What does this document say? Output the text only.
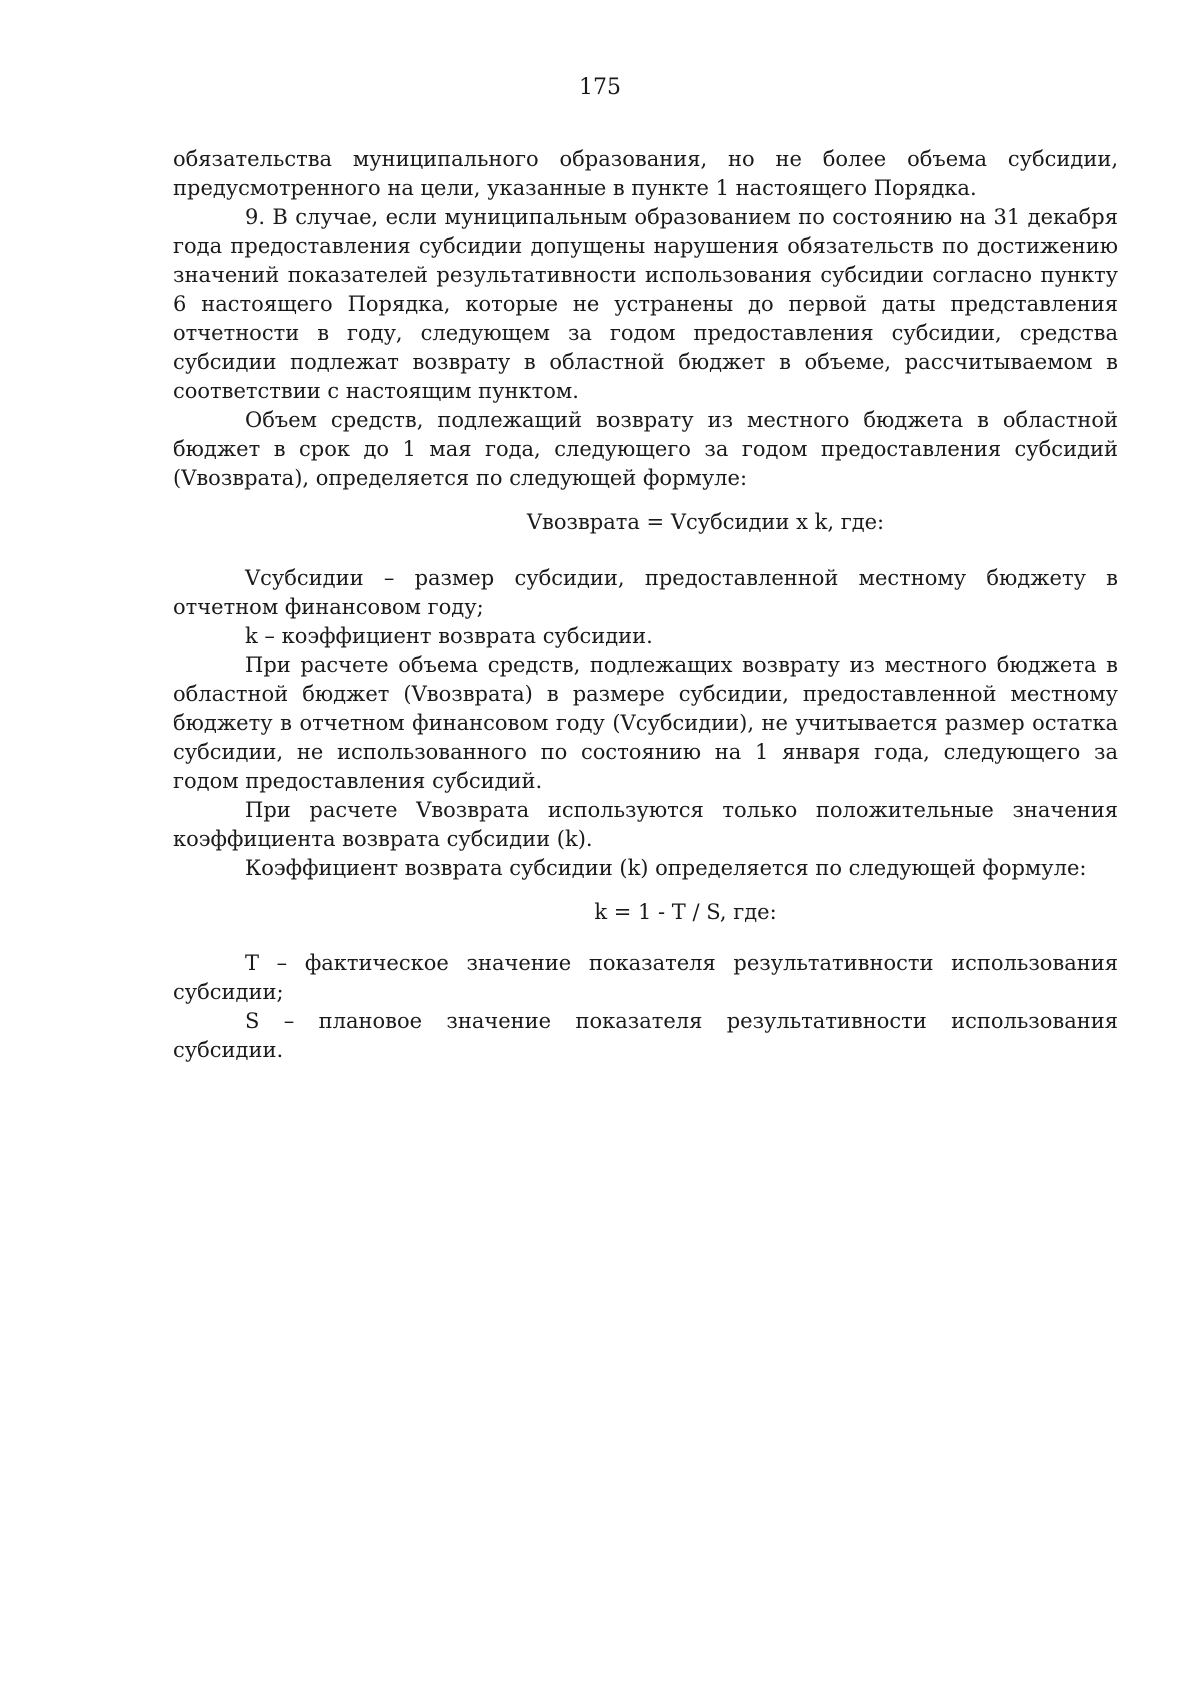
175

обязательства муниципального образования, но не более объема субсидии, предусмотренного на цели, указанные в пункте 1 настоящего Порядка.

9. В случае, если муниципальным образованием по состоянию на 31 декабря года предоставления субсидии допущены нарушения обязательств по достижению значений показателей результативности использования субсидии согласно пункту 6 настоящего Порядка, которые не устранены до первой даты представления отчетности в году, следующем за годом предоставления субсидии, средства субсидии подлежат возврату в областной бюджет в объеме, рассчитываемом в соответствии с настоящим пунктом.

Объем средств, подлежащий возврату из местного бюджета в областной бюджет в срок до 1 мая года, следующего за годом предоставления субсидий (Vвозврата), определяется по следующей формуле:

Vвозврата = Vсубсидии x k, где:

Vсубсидии – размер субсидии, предоставленной местному бюджету в отчетном финансовом году;

k – коэффициент возврата субсидии.

При расчете объема средств, подлежащих возврату из местного бюджета в областной бюджет (Vвозврата) в размере субсидии, предоставленной местному бюджету в отчетном финансовом году (Vсубсидии), не учитывается размер остатка субсидии, не использованного по состоянию на 1 января года, следующего за годом предоставления субсидий.

При расчете Vвозврата используются только положительные значения коэффициента возврата субсидии (k).

Коэффициент возврата субсидии (k) определяется по следующей формуле:

k = 1 - T / S, где:

T – фактическое значение показателя результативности использования субсидии;

S – плановое значение показателя результативности использования субсидии.
